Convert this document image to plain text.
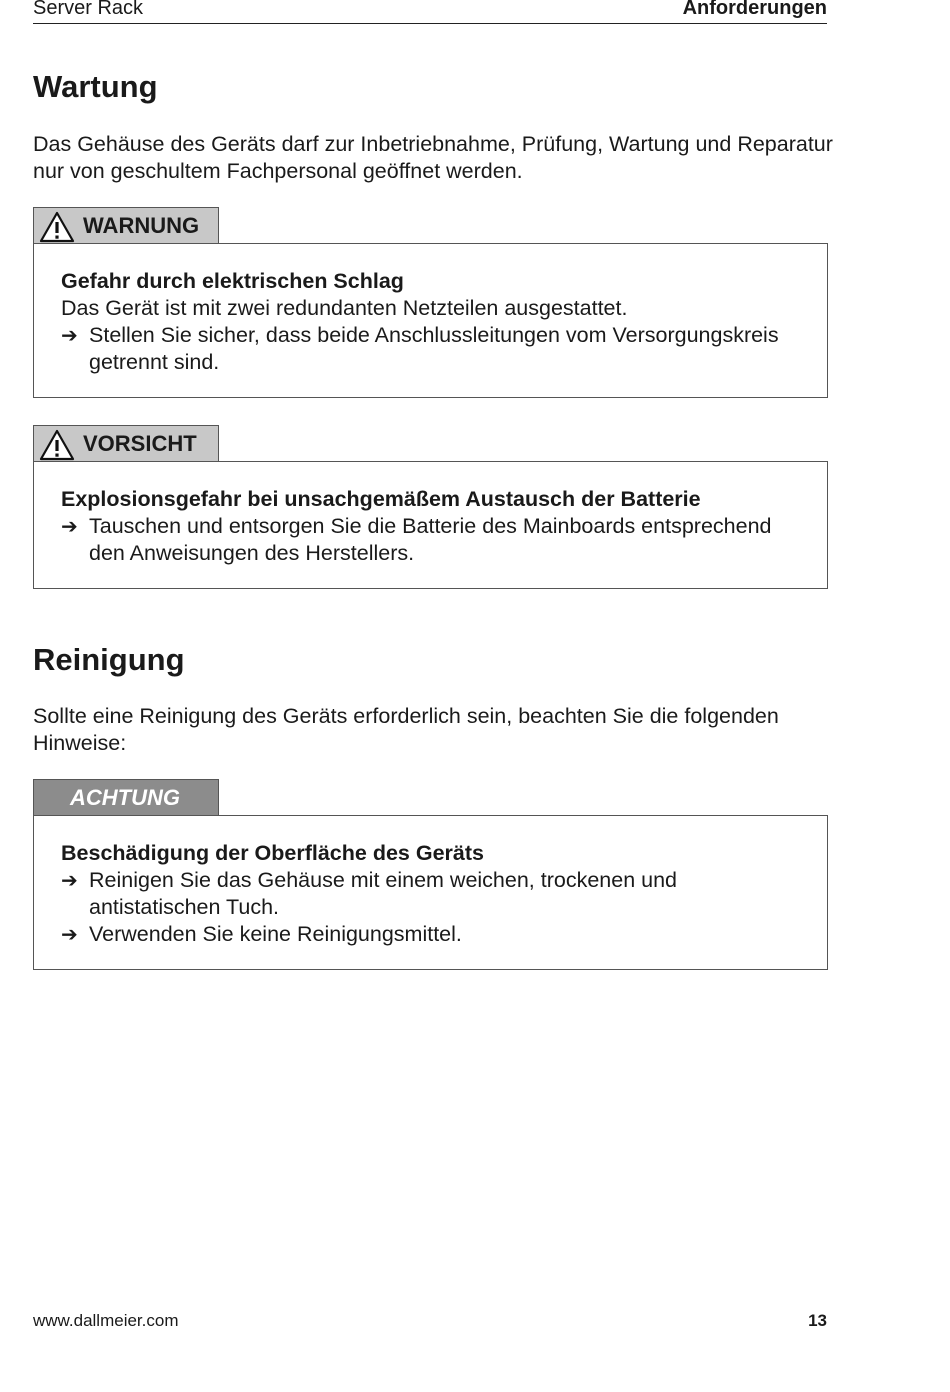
Server Rack	Anforderungen
Wartung

Das Gehäuse des Geräts darf zur Inbetriebnahme, Prüfung, Wartung und Reparatur nur von geschultem Fachpersonal geöffnet werden.

WARNUNG

Gefahr durch elektrischen Schlag

Das Gerät ist mit zwei redundanten Netzteilen ausgestattet.

➔ Stellen Sie sicher, dass beide Anschlussleitungen vom Versorgungskreis getrennt sind.
VORSICHT

Explosionsgefahr bei unsachgemäßem Austausch der Batterie

➔ Tauschen und entsorgen Sie die Batterie des Mainboards entsprechend den Anweisungen des Herstellers.
Reinigung

Sollte eine Reinigung des Geräts erforderlich sein, beachten Sie die folgenden Hinweise:

ACHTUNG

Beschädigung der Oberfläche des Geräts

➔ Reinigen Sie das Gehäuse mit einem weichen, trockenen und antistatischen Tuch.
➔ Verwenden Sie keine Reinigungsmittel.
www.dallmeier.com	13
